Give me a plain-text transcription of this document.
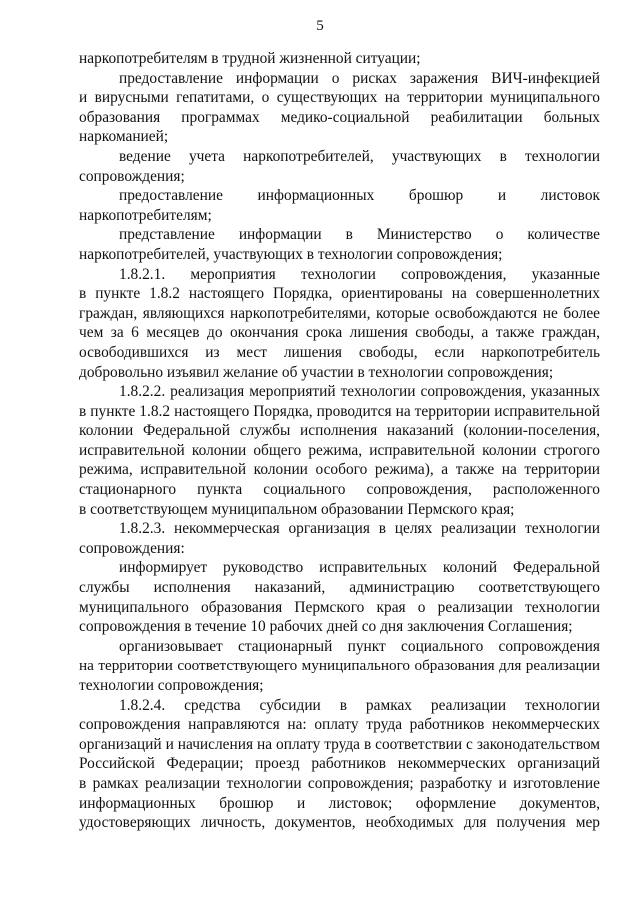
5
наркопотребителям в трудной жизненной ситуации;
предоставление информации о рисках заражения ВИЧ-инфекцией
и вирусными гепатитами, о существующих на территории муниципального
образования программах медико-социальной реабилитации больных
наркоманией;
ведение учета наркопотребителей, участвующих в технологии
сопровождения;
предоставление информационных брошюр и листовок
наркопотребителям;
представление информации в Министерство о количестве
наркопотребителей, участвующих в технологии сопровождения;
1.8.2.1. мероприятия технологии сопровождения, указанные
в пункте 1.8.2 настоящего Порядка, ориентированы на совершеннолетних
граждан, являющихся наркопотребителями, которые освобождаются не более
чем за 6 месяцев до окончания срока лишения свободы, а также граждан,
освободившихся из мест лишения свободы, если наркопотребитель
добровольно изъявил желание об участии в технологии сопровождения;
1.8.2.2. реализация мероприятий технологии сопровождения, указанных
в пункте 1.8.2 настоящего Порядка, проводится на территории исправительной
колонии Федеральной службы исполнения наказаний (колонии-поселения,
исправительной колонии общего режима, исправительной колонии строгого
режима, исправительной колонии особого режима), а также на территории
стационарного пункта социального сопровождения, расположенного
в соответствующем муниципальном образовании Пермского края;
1.8.2.3. некоммерческая организация в целях реализации технологии
сопровождения:
информирует руководство исправительных колоний Федеральной
службы исполнения наказаний, администрацию соответствующего
муниципального образования Пермского края о реализации технологии
сопровождения в течение 10 рабочих дней со дня заключения Соглашения;
организовывает стационарный пункт социального сопровождения
на территории соответствующего муниципального образования для реализации
технологии сопровождения;
1.8.2.4. средства субсидии в рамках реализации технологии
сопровождения направляются на: оплату труда работников некоммерческих
организаций и начисления на оплату труда в соответствии с законодательством
Российской Федерации; проезд работников некоммерческих организаций
в рамках реализации технологии сопровождения; разработку и изготовление
информационных брошюр и листовок; оформление документов,
удостоверяющих личность, документов, необходимых для получения мер
